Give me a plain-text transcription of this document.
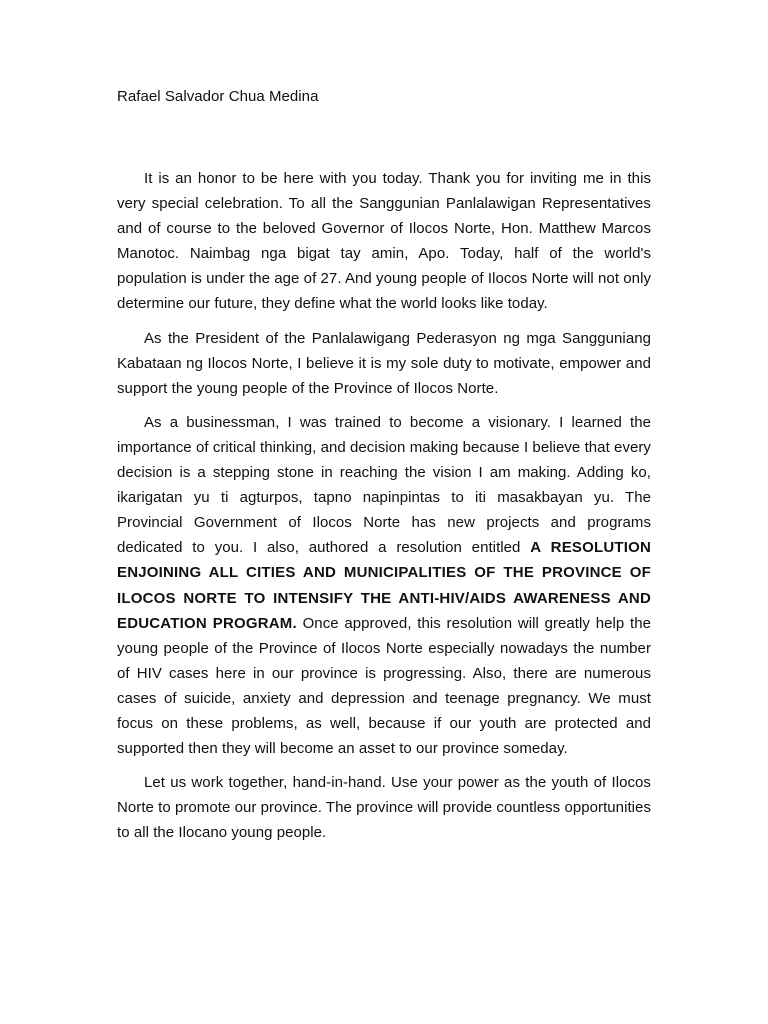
Rafael Salvador Chua Medina

It is an honor to be here with you today. Thank you for inviting me in this very special celebration. To all the Sanggunian Panlalawigan Representatives and of course to the beloved Governor of Ilocos Norte, Hon. Matthew Marcos Manotoc. Naimbag nga bigat tay amin, Apo. Today, half of the world's population is under the age of 27. And young people of Ilocos Norte will not only determine our future, they define what the world looks like today.

As the President of the Panlalawigang Pederasyon ng mga Sangguniang Kabataan ng Ilocos Norte, I believe it is my sole duty to motivate, empower and support the young people of the Province of Ilocos Norte.

As a businessman, I was trained to become a visionary. I learned the importance of critical thinking, and decision making because I believe that every decision is a stepping stone in reaching the vision I am making. Adding ko, ikarigatan yu ti agturpos, tapno napinpintas to iti masakbayan yu. The Provincial Government of Ilocos Norte has new projects and programs dedicated to you. I also, authored a resolution entitled A RESOLUTION ENJOINING ALL CITIES AND MUNICIPALITIES OF THE PROVINCE OF ILOCOS NORTE TO INTENSIFY THE ANTI-HIV/AIDS AWARENESS AND EDUCATION PROGRAM. Once approved, this resolution will greatly help the young people of the Province of Ilocos Norte especially nowadays the number of HIV cases here in our province is progressing. Also, there are numerous cases of suicide, anxiety and depression and teenage pregnancy. We must focus on these problems, as well, because if our youth are protected and supported then they will become an asset to our province someday.

Let us work together, hand-in-hand. Use your power as the youth of Ilocos Norte to promote our province. The province will provide countless opportunities to all the Ilocano young people.
